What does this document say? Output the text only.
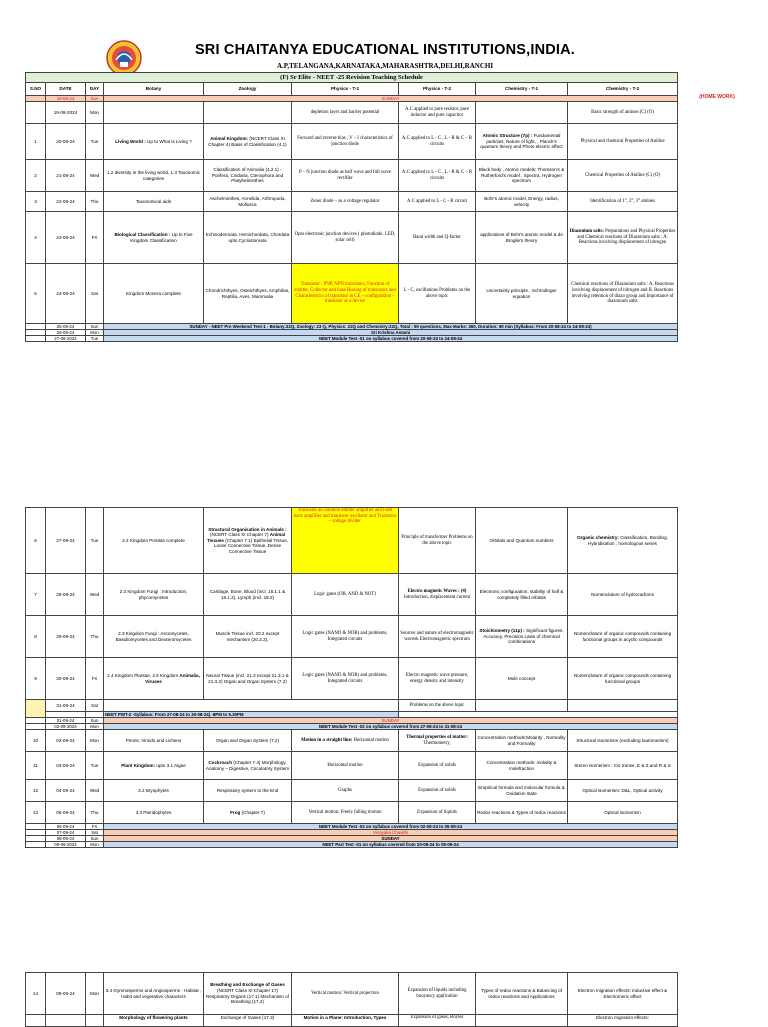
SRI CHAITANYA EDUCATIONAL INSTITUTIONS,INDIA.
A.P,TELANGANA,KARNATAKA,MAHARASHTRA,DELHI,RANCHI
(HOME WORK)
(F) Sr Elite - NEET -25 Revision Teaching Schedule								
S.NO	DATE	DAY	Botany	Zoology	Physics - T-1	Physics - T-2	Chemistry - T-1	Chemistry - T-2
	18-08-24	Sun	SUNDAY					
	19-08-2024	Mon			depletion layer and barrier potential	A.C applied to pure resistor, pure inductor and pure capacitor		Basic strength of amines (C) (O)
1	20-08-24	Tue	Living World : Up to What is Living ?	Animal Kingdom: (NCERT Class XI Chapter 4) Basis of Classification (4.1)	Forward and reverse bias , V – I characteristics of junction diode	A.C applied to L - C , L - R & C – R circuits	Atomic Structure (7p) : Fundamental particles, Nature of light, , Planck's quantum theory and Photo electric effect	Physical and chemical Properties of Aniline
2	21-08-24	Wed	1.2 diversity in the living world, 1.3 Taxonomic categories	Classification of Animalia (4.2.1) - Porifera, Cnidaria, Ctenophora and Platyhelminthes	P – N junction diode as half wave and full wave rectifier	A.C applied to L - C , L - R & C – R circuits	Black body , Atomic models: Thomson's & Rutherford's model , Spectra, Hydrogen spectrum	Chemical Properties of Aniline (C) (O)
3	22-08-24	Thu	Taxonomical aids	Aschelminthes, Annelida, Arthropoda, Mollusca	Zener diode – as a voltage regulator	A.C applied to L - C - R circuit	Bohr's atomic model, Energy, radius, velocity	Identification of 1°, 2°, 3° amines
4	23-08-24	Fri	Biological Classification : Up to Five Kingdom Classification	Echinodermata, Hemichordata, Chordata upto Cyclostomata	Opto electronic junction devices ( photodiode, LED, solar cell)	Band width and Q-factor	applications of Bohr's atomic model & de Broglie's theory	Diazonium salts: Preparations and Physical Properties and Chemical reactions of Diazonium salts : A. Reactions involving displacement of nitrogen
5	24-08-24	Sat	Kingdom Monera complete	Chondrichthyes, Osteichthyes, Amphibia, Reptilia, Aves, Mammalia	Transistor : PNP, NPN transistors, Function of emitter, Collector and base Biasing of transistors and Characteristics of transistor in CE – configuration – transistor as a device	L - C, oscillations Problems on the above topic	Uncertainty principle , Schrodinger equation	Chemical reactions of Diazonium salts : A. Reactions involving displacement of nitrogen and B. Reactions involving retention of diazo group and Importance of diazonium salts
	25-08-24	Sun	SUNDAY - NEET Pre Weekend Test-1 - Botany:22Q, Zoology: 23 Q, Physics: 22Q and Chemistry:22Q, Total : 90 questions, Max Marks: 360, Duration: 90 min (Syllabus: From 20-08-24 to 24-08-24)					
	26-08-24	Mon	Sri Krishna Astami					
	27-08-2024	Tue	NEET Module Test -01 on syllabus covered from 20-08-24 to 24-08-24					
6	27-08-24	Tue	2.2 Kingdom Protista complete	Structural Organisation in Animals : (NCERT Class XI Chapter 7) Animal Tissues (Chapter 7.1) Epithelial Tissue, Loose Connective Tissue, Dense Connective Tissue	Transistor as common emitter amplifier and Feed back amplifier and transistor oscillator and Transistor - voltage divider	Principle of transformer Problems on the above topic	Orbitals and Quantum numbers	Organic chemistry: Classification, Bonding, Hybridisation , homologous series
7	28-08-24	Wed	2.3 Kingdom Fungi : Introduction, phycomycetes	Cartilage, Bone, Blood (incl. 18.1.1 & 18.1.2), Lymph (incl. 18.2)	Logic gates (OR, AND & NOT)	Electro magnetic Waves : (4) Introduction, displacement current	Electronic configuration, stability of half & completely filled orbitals	Nomenclature of hydrocarbons
8	29-08-24	Thu	2.3 Kingdom Fungi : Ascomycetes, Basidiomycetes and Deuteromycetes	Muscle Tissue incl. 20.2 except mechanism (20.2.2),	Logic gates (NAND & NOR) and problems, Integrated circuits	Sources and nature of electromagnetic wavesk Electromagnetic spectrum	Stoichiometry (11p) : Significant figures, Accuracy, Precision,Laws of chemical combinations	Nomenclature of organic compounds containing functional groups in acyclic compounds
9	30-08-24	Fri	2.4 Kingdom Plantae, 2.5 Kingdom Animalia, Viruses	Neural Tissue (incl. 21.3 except 21.3.1 & 21.3.2) Organ and Organ System (7.2)	Logic gates (NAND & NOR) and problems, Integrated circuits	Electro magnetic wave pressure, energy density and intensity	Mole concept	Nomenclature of organic compounds containing functional groups
	31-08-24	Sat				Problems on the above topic		
			NEET PWT-2 -Syllabus: From 27-08-24 to 30-08-24) -8PM to 5.30PM					
	01-09-24	Sun	SUNDAY					
	02-09-2024	Mon	NEET Module Test -02 on syllabus covered from 27-08-24 to 31-08-24					
10	02-09-24	Mon	Prions, Viroids and Lichens	Organ and Organ System (7.2)	Motion in a straight line: Horizontal motion	Thermal properties of matter: Thermometry,	Concentration methods:Molarity , Normality and Formality	Structural isomerism (excluding tautomerism)
11	03-09-24	Tue	Plant Kingdom: upto 3.1 Algae	Cockroach (Chapter 7.4) Morphology, Anatomy – Digestive, Circulatory System	Horizontal motion	Expansion of solids	Concentration methods: molality & molefraction	Stereo isomerism : Cis transe, E & Z and R & S
12	04-09-24	Wed	3.2 Bryophytes	Respiratory system to the End	Graphs	Expansion of solids	Empirical formula and molecular formula & Oxidation state	Optical isomerism: D&L, Optical activity
13	05-09-24	Thu	3.3 Pteridophytes	Frog (Chapter 7)	Vertical motion: Freely falling motion	Expansion of liquids	Redox reactions & Types of redox reactions	Optical isomerism
	06-09-24	Fri	NEET Module Test -03 on syllabus covered from 02-09-24 to 05-09-24					
	07-09-24	Sat	Vinayaka Chavithi					
	08-09-24	Sun	SUNDAY					
	09-09-2024	Mon	NEET Part Test -01 on syllabus covered from 20-08-24 to 05-09-24					
14	09-09-24	Mon	3.4 Gymnosperms and Angiosperms - Habitat , Habit and vegetative characters	Breathing and Exchange of Gases (NCERT Class XI Chapter 17) Respiratory Organs (17.1) Mechanism of Breathing (17.2)	Vertical motion: Vertical projection	Expansion of liquids including buoyancy application	Types of redox reactions & Balancing of redox reactions and Applications	Electron migration effects: Inductive effect & Electromeric effect
			Morphology of flowering plants	Exchange of Gases (17.3)	Motion in a Plane: Introduction, Types	Expansion of gases, Boyles		Electron migration effects:
